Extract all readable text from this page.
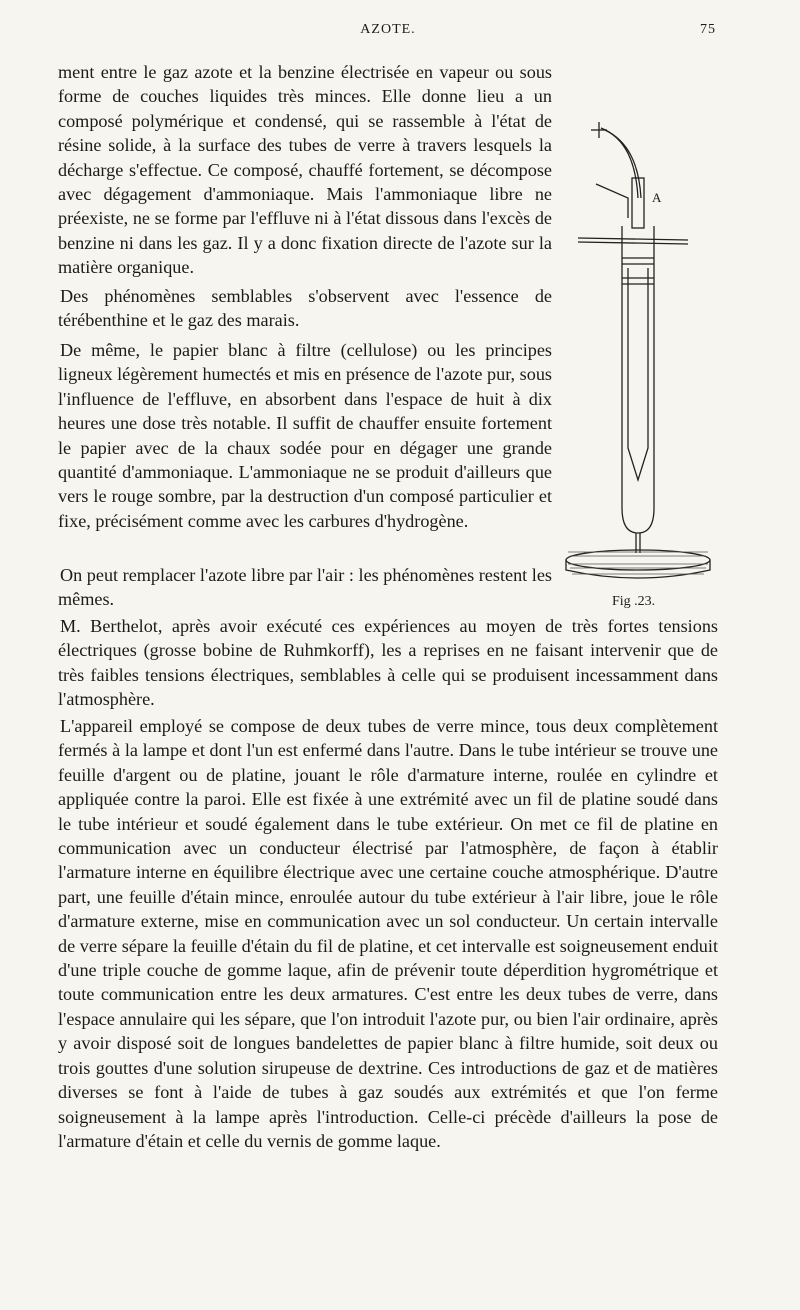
AZOTE.	75

ment entre le gaz azote et la benzine électrisée en vapeur ou sous forme de couches liquides très minces. Elle donne lieu a un composé polymérique et condensé, qui se rassemble à l'état de résine solide, à la surface des tubes de verre à travers lesquels la décharge s'effectue. Ce composé, chauffé fortement, se décompose avec dégagement d'ammoniaque. Mais l'ammoniaque libre ne préexiste, ne se forme par l'effluve ni à l'état dissous dans l'excès de benzine ni dans les gaz. Il y a donc fixation directe de l'azote sur la matière organique.

Des phénomènes semblables s'observent avec l'essence de térébenthine et le gaz des marais.

De même, le papier blanc à filtre (cellulose) ou les principes ligneux légèrement humectés et mis en présence de l'azote pur, sous l'influence de l'effluve, en absorbent dans l'espace de huit à dix heures une dose très notable. Il suffit de chauffer ensuite fortement le papier avec de la chaux sodée pour en dégager une grande quantité d'ammoniaque. L'ammoniaque ne se produit d'ailleurs que vers le rouge sombre, par la destruction d'un composé particulier et fixe, précisément comme avec les carbures d'hydrogène.

On peut remplacer l'azote libre par l'air : les phénomènes restent les mêmes.

M. Berthelot, après avoir exécuté ces expériences au moyen de très fortes tensions électriques (grosse bobine de Ruhmkorff), les a reprises en ne faisant intervenir que de très faibles tensions électriques, semblables à celle qui se produisent incessamment dans l'atmosphère.

L'appareil employé se compose de deux tubes de verre mince, tous deux complètement fermés à la lampe et dont l'un est enfermé dans l'autre. Dans le tube intérieur se trouve une feuille d'argent ou de platine, jouant le rôle d'armature interne, roulée en cylindre et appliquée contre la paroi. Elle est fixée à une extrémité avec un fil de platine soudé dans le tube intérieur et soudé également dans le tube extérieur. On met ce fil de platine en communication avec un conducteur électrisé par l'atmosphère, de façon à établir l'armature interne en équilibre électrique avec une certaine couche atmosphérique. D'autre part, une feuille d'étain mince, enroulée autour du tube extérieur à l'air libre, joue le rôle d'armature externe, mise en communication avec un sol conducteur. Un certain intervalle de verre sépare la feuille d'étain du fil de platine, et cet intervalle est soigneusement enduit d'une triple couche de gomme laque, afin de prévenir toute déperdition hygrométrique et toute communication entre les deux armatures. C'est entre les deux tubes de verre, dans l'espace annulaire qui les sépare, que l'on introduit l'azote pur, ou bien l'air ordinaire, après y avoir disposé soit de longues bandelettes de papier blanc à filtre humide, soit deux ou trois gouttes d'une solution sirupeuse de dextrine. Ces introductions de gaz et de matières diverses se font à l'aide de tubes à gaz soudés aux extrémités et que l'on ferme soigneusement à la lampe après l'introduction. Celle-ci précède d'ailleurs la pose de l'armature d'étain et celle du vernis de gomme laque.

A
Fig .23.
